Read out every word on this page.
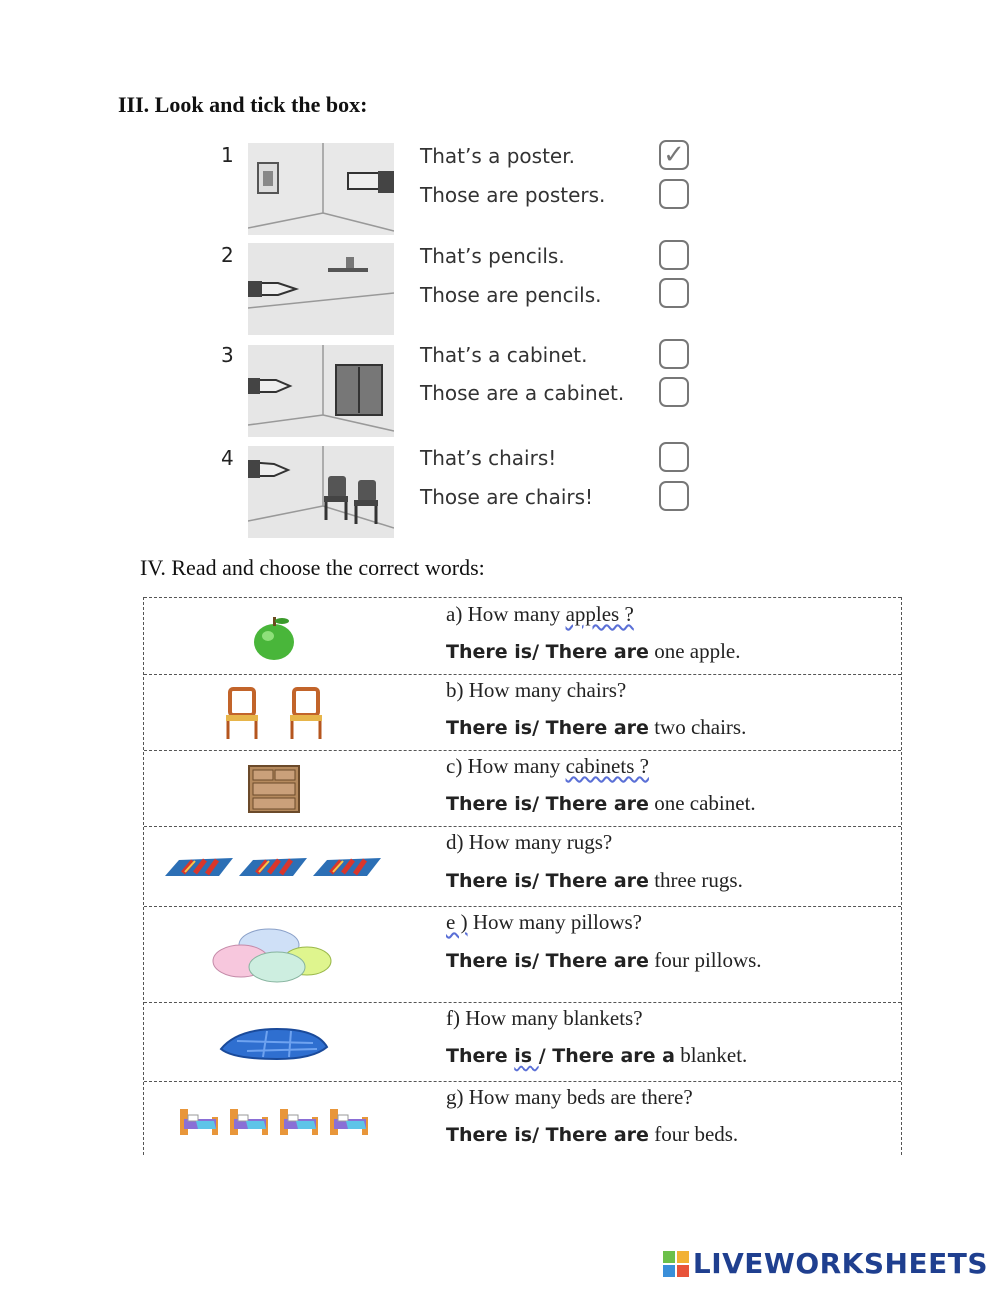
III. Look and tick the box:
1	That’s a poster.	✓
Those are posters.
2	That’s pencils.
Those are pencils.
3	That’s a cabinet.
Those are a cabinet.
4	That’s chairs!
Those are chairs!
IV. Read and choose the correct words:
a) How many apples ?
There is/ There are one apple.
b) How many chairs?
There is/ There are two chairs.
c) How many cabinets ?
There is/ There are one cabinet.
d) How many rugs?
There is/ There are three rugs.
e ) How many pillows?
There is/ There are four pillows.
f) How many blankets?
There is / There are a blanket.
g) How many beds are there?
There is/ There are four beds.
LIVEWORKSHEETS
